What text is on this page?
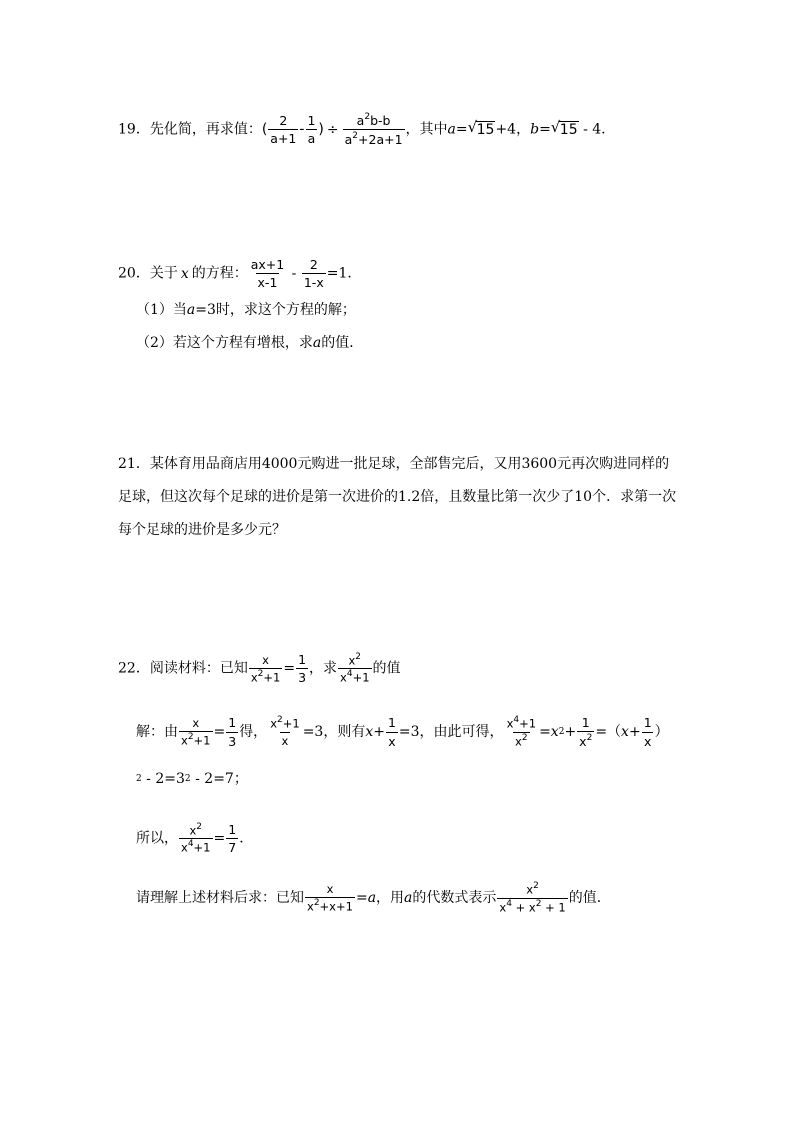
19．先化简，再求值：( $\frac{2}{a+1} - \frac{1}{a}$ ) ÷ $\frac{a^2b-b}{a^2+2a+1}$ ，其中a= √ 15+4，b= √ 15 - 4．
20．关于 x 的方程： $\frac{ax+1}{x-1} - \frac{2}{1-x} =1$．
（1）当a=3时，求这个方程的解；
（2）若这个方程有增根，求a的值．
21．某体育用品商店用4000元购进一批足球，全部售完后，又用3600元再次购进同样的足球，但这次每个足球的进价是第一次进价的1.2倍，且数量比第一次少了10个．求第一次每个足球的进价是多少元？
22．阅读材料：已知 $\frac{x}{x^2+1} = \frac{1}{3}$ ，求 $\frac{x^2}{x^4+1}$ 的值
解：由 $\frac{x}{x^2+1} = \frac{1}{3}$ 得， $\frac{x^2+1}{x} =3$，则有$x+ \frac{1}{x} =3$，由此可得， $\frac{x^4+1}{x^2} =x2+ \frac{1}{x^2} =(x+ \frac{1}{x}$ ）
2 - 2=32 - 2=7；
所以， $\frac{x^2}{x^4+1} = \frac{1}{7}$ ．
请理解上述材料后求：已知 $\frac{x}{x^2+x+1} =a$，用a的代数式表示 $\frac{x^2}{x^4 + x^2 + 1}$ 的值．
